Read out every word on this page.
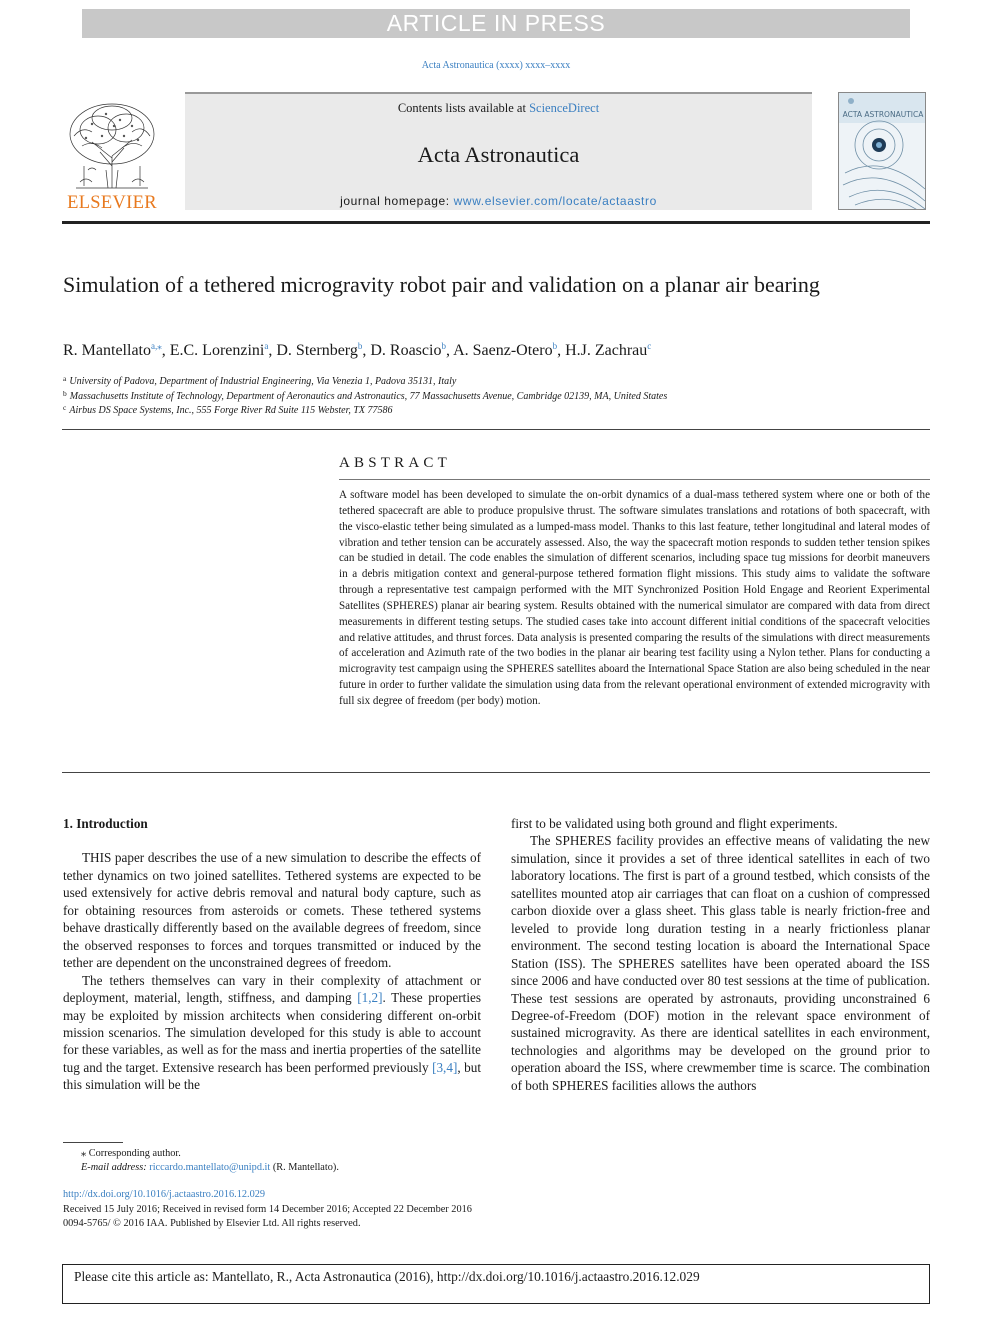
ARTICLE IN PRESS
Acta Astronautica (xxxx) xxxx–xxxx
ELSEVIER
Contents lists available at ScienceDirect
Acta Astronautica
journal homepage: www.elsevier.com/locate/actaastro
ACTA ASTRONAUTICA
Simulation of a tethered microgravity robot pair and validation on a planar air bearing
R. Mantellato$^{a,⁎}$, E.C. Lorenzini$^a$, D. Sternberg$^b$, D. Roascio$^b$, A. Saenz-Otero$^b$, H.J. Zachrau$^c$
$^a$ University of Padova, Department of Industrial Engineering, Via Venezia 1, Padova 35131, Italy
$^b$ Massachusetts Institute of Technology, Department of Aeronautics and Astronautics, 77 Massachusetts Avenue, Cambridge 02139, MA, United States
$^c$ Airbus DS Space Systems, Inc., 555 Forge River Rd Suite 115 Webster, TX 77586
ABSTRACT
A software model has been developed to simulate the on-orbit dynamics of a dual-mass tethered system where one or both of the tethered spacecraft are able to produce propulsive thrust. The software simulates translations and rotations of both spacecraft, with the visco-elastic tether being simulated as a lumped-mass model. Thanks to this last feature, tether longitudinal and lateral modes of vibration and tether tension can be accurately assessed. Also, the way the spacecraft motion responds to sudden tether tension spikes can be studied in detail. The code enables the simulation of different scenarios, including space tug missions for deorbit maneuvers in a debris mitigation context and general-purpose tethered formation flight missions. This study aims to validate the software through a representative test campaign performed with the MIT Synchronized Position Hold Engage and Reorient Experimental Satellites (SPHERES) planar air bearing system. Results obtained with the numerical simulator are compared with data from direct measurements in different testing setups. The studied cases take into account different initial conditions of the spacecraft velocities and relative attitudes, and thrust forces. Data analysis is presented comparing the results of the simulations with direct measurements of acceleration and Azimuth rate of the two bodies in the planar air bearing test facility using a Nylon tether. Plans for conducting a microgravity test campaign using the SPHERES satellites aboard the International Space Station are also being scheduled in the near future in order to further validate the simulation using data from the relevant operational environment of extended microgravity with full six degree of freedom (per body) motion.
1. Introduction

THIS paper describes the use of a new simulation to describe the effects of tether dynamics on two joined satellites. Tethered systems are expected to be used extensively for active debris removal and natural body capture, such as for obtaining resources from asteroids or comets. These tethered systems behave drastically differently based on the available degrees of freedom, since the observed responses to forces and torques transmitted or induced by the tether are dependent on the unconstrained degrees of freedom.

The tethers themselves can vary in their complexity of attachment or deployment, material, length, stiffness, and damping [1,2]. These properties may be exploited by mission architects when considering different on-orbit mission scenarios. The simulation developed for this study is able to account for these variables, as well as for the mass and inertia properties of the satellite tug and the target. Extensive research has been performed previously [3,4], but this simulation will be the

first to be validated using both ground and flight experiments.

The SPHERES facility provides an effective means of validating the new simulation, since it provides a set of three identical satellites in each of two laboratory locations. The first is part of a ground testbed, which consists of the satellites mounted atop air carriages that can float on a cushion of compressed carbon dioxide over a glass sheet. This glass table is nearly friction-free and leveled to provide long duration testing in a nearly frictionless planar environment. The second testing location is aboard the International Space Station (ISS). The SPHERES satellites have been operated aboard the ISS since 2006 and have conducted over 80 test sessions at the time of publication. These test sessions are operated by astronauts, providing unconstrained 6 Degree-of-Freedom (DOF) motion in the relevant space environment of sustained microgravity. As there are identical satellites in each environment, technologies and algorithms may be developed on the ground prior to operation aboard the ISS, where crewmember time is scarce. The combination of both SPHERES facilities allows the authors

⁎ Corresponding author.
E-mail address: riccardo.mantellato@unipd.it (R. Mantellato).
http://dx.doi.org/10.1016/j.actaastro.2016.12.029
Received 15 July 2016; Received in revised form 14 December 2016; Accepted 22 December 2016
0094-5765/ © 2016 IAA. Published by Elsevier Ltd. All rights reserved.
Please cite this article as: Mantellato, R., Acta Astronautica (2016), http://dx.doi.org/10.1016/j.actaastro.2016.12.029
